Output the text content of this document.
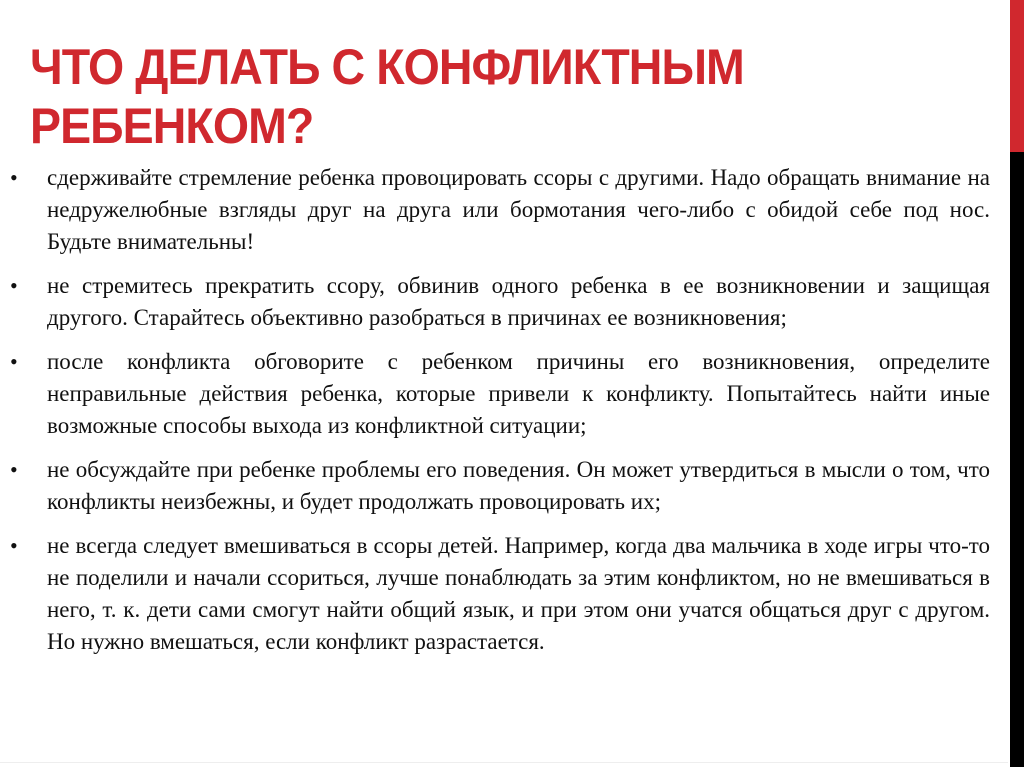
ЧТО ДЕЛАТЬ С КОНФЛИКТНЫМ РЕБЕНКОМ?
• сдерживайте стремление ребенка провоцировать ссоры с другими. Надо обращать внимание на недружелюбные взгляды друг на друга или бормотания чего-либо с обидой себе под нос. Будьте внимательны!
• не стремитесь прекратить ссору, обвинив одного ребенка в ее возникновении и защищая другого. Старайтесь объективно разобраться в причинах ее возникновения;
• после конфликта обговорите с ребенком причины его возникновения, определите неправильные действия ребенка, которые привели к конфликту. Попытайтесь найти иные возможные способы выхода из конфликтной ситуации;
• не обсуждайте при ребенке проблемы его поведения. Он может утвердиться в мысли о том, что конфликты неизбежны, и будет продолжать провоцировать их;
• не всегда следует вмешиваться в ссоры детей. Например, когда два мальчика в ходе игры что-то не поделили и начали ссориться, лучше понаблюдать за этим конфликтом, но не вмешиваться в него, т. к. дети сами смогут найти общий язык, и при этом они учатся общаться друг с другом. Но нужно вмешаться, если конфликт разрастается.
